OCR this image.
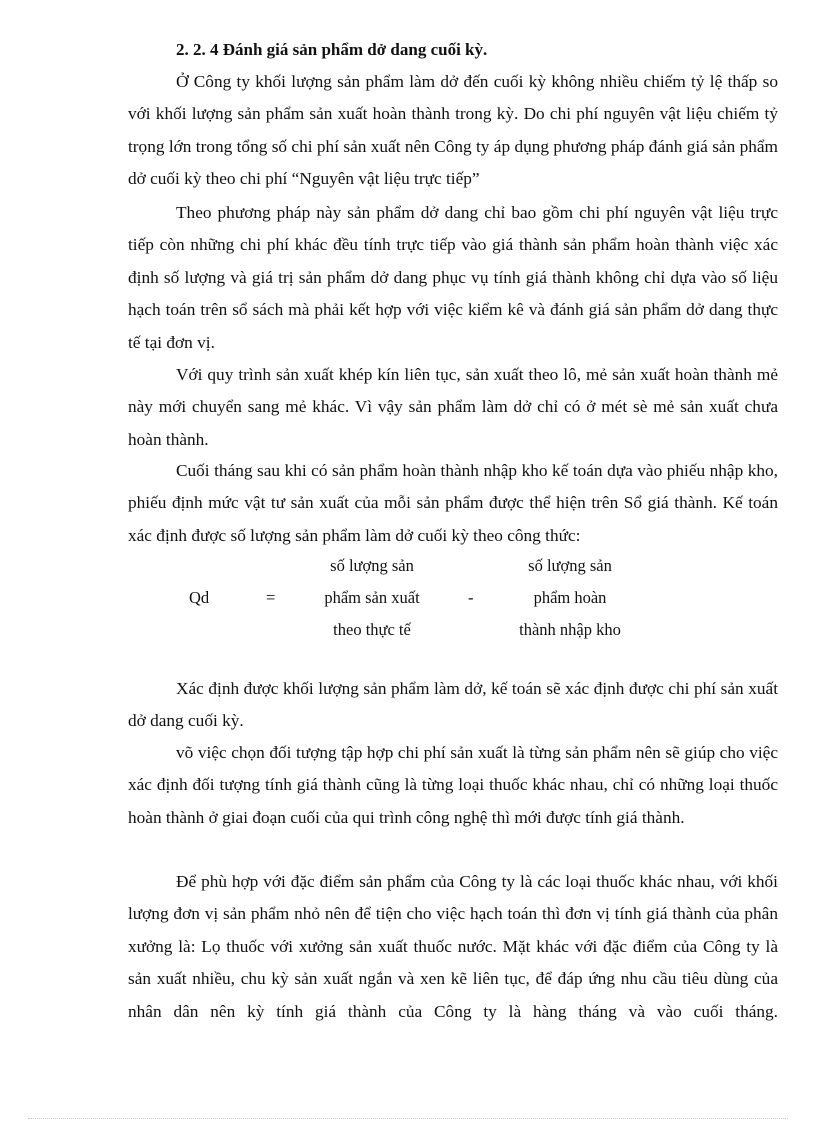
2. 2. 4 Đánh giá sản phẩm dở dang cuối kỳ.

Ở Công ty khối lượng sản phẩm làm dở đến cuối kỳ không nhiều chiếm tỷ lệ thấp so với khối lượng sản phẩm sản xuất hoàn thành trong kỳ. Do chi phí nguyên vật liệu chiếm tỷ trọng lớn trong tổng số chi phí sản xuất nên Công ty áp dụng phương pháp đánh giá sản phẩm dở cuối kỳ theo chi phí “Nguyên vật liệu trực tiếp”

Theo phương pháp này sản phẩm dở dang chỉ bao gồm chi phí nguyên vật liệu trực tiếp còn những chi phí khác đều tính trực tiếp vào giá thành sản phẩm hoàn thành việc xác định số lượng và giá trị sản phẩm dở dang phục vụ tính giá thành không chỉ dựa vào số liệu hạch toán trên sổ sách mà phải kết hợp với việc kiểm kê và đánh giá sản phẩm dở dang thực tế tại đơn vị.

Với quy trình sản xuất khép kín liên tục, sản xuất theo lô, mẻ sản xuất hoàn thành mẻ này mới chuyển sang mẻ khác. Vì vậy sản phẩm làm dở chỉ có ở mét sè mẻ sản xuất chưa hoàn thành.

Cuối tháng sau khi có sản phẩm hoàn thành nhập kho kế toán dựa vào phiếu nhập kho, phiếu định mức vật tư sản xuất của mỗi sản phẩm được thể hiện trên Sổ giá thành. Kế toán xác định được số lượng sản phẩm làm dở cuối kỳ theo công thức:

Qd	=
số lượng sản
phẩm sản xuất
theo thực tế
-
số lượng sản
phẩm hoàn
thành nhập kho

Xác định được khối lượng sản phẩm làm dở, kế toán sẽ xác định được chi phí sản xuất dở dang cuối kỳ.

võ việc chọn đối tượng tập hợp chi phí sản xuất là từng sản phẩm nên sẽ giúp cho việc xác định đối tượng tính giá thành cũng là từng loại thuốc khác nhau, chỉ có những loại thuốc hoàn thành ở giai đoạn cuối của qui trình công nghệ thì mới được tính giá thành.

Để phù hợp với đặc điểm sản phẩm của Công ty là các loại thuốc khác nhau, với khối lượng đơn vị sản phẩm nhỏ nên để tiện cho việc hạch toán thì đơn vị tính giá thành của phân xưởng là: Lọ thuốc với xưởng sản xuất thuốc nước. Mặt khác với đặc điểm của Công ty là sản xuất nhiều, chu kỳ sản xuất ngắn và xen kẽ liên tục, để đáp ứng nhu cầu tiêu dùng của nhân dân nên kỳ tính giá thành của Công ty là hàng tháng và vào cuối tháng.
